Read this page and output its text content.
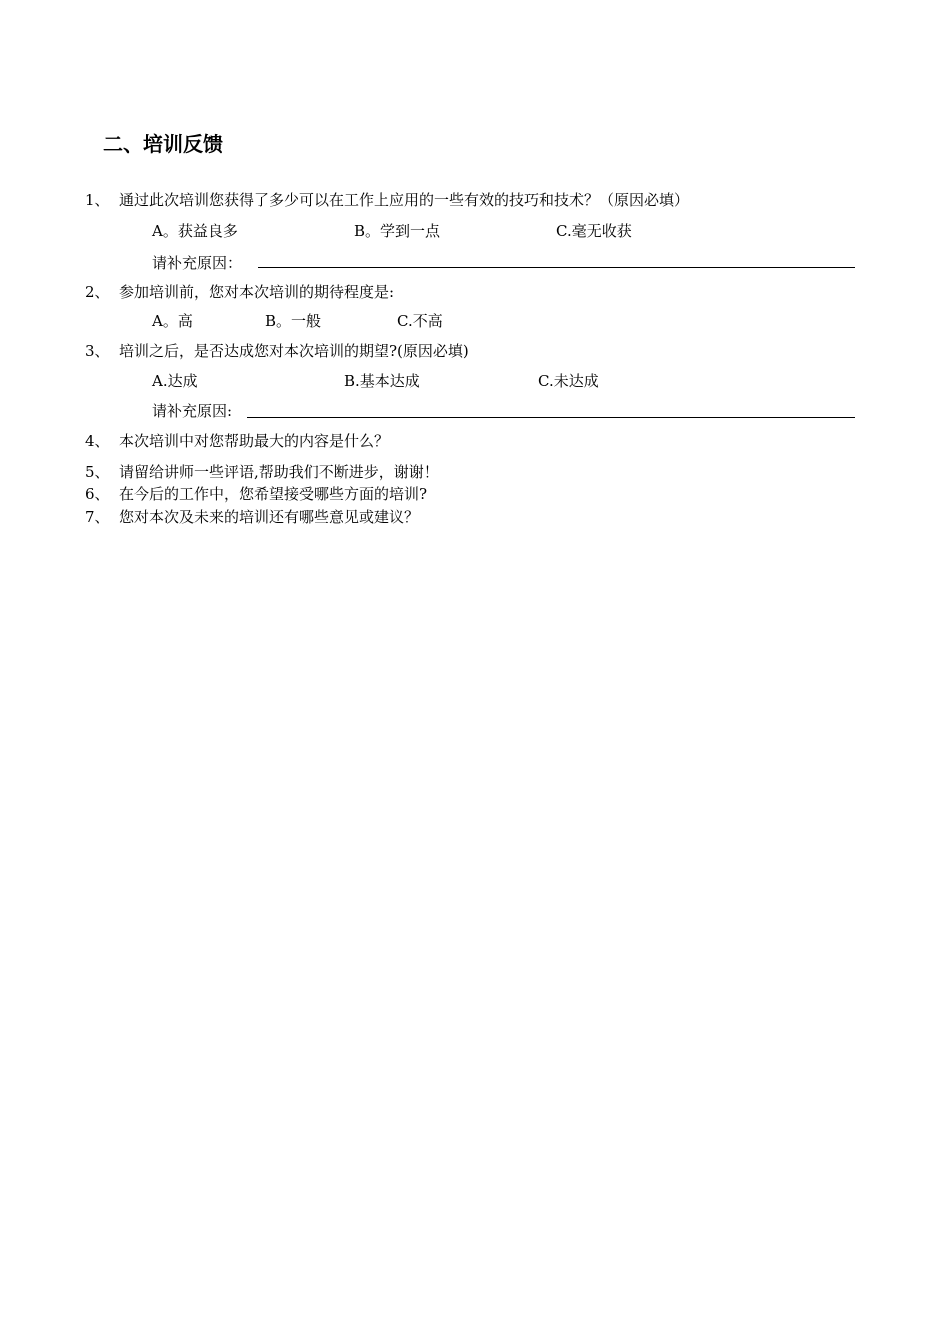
二、培训反馈
1、 通过此次培训您获得了多少可以在工作上应用的一些有效的技巧和技术？（原因必填）
A。获益良多	B。学到一点	C.毫无收获
请补充原因：
2、 参加培训前，您对本次培训的期待程度是:
A。高	B。一般	C.不高
3、 培训之后，是否达成您对本次培训的期望?(原因必填)
A.达成	B.基本达成	C.未达成
请补充原因:
4、 本次培训中对您帮助最大的内容是什么？
5、 请留给讲师一些评语,帮助我们不断进步，谢谢！
6、 在今后的工作中，您希望接受哪些方面的培训?
7、 您对本次及未来的培训还有哪些意见或建议？
